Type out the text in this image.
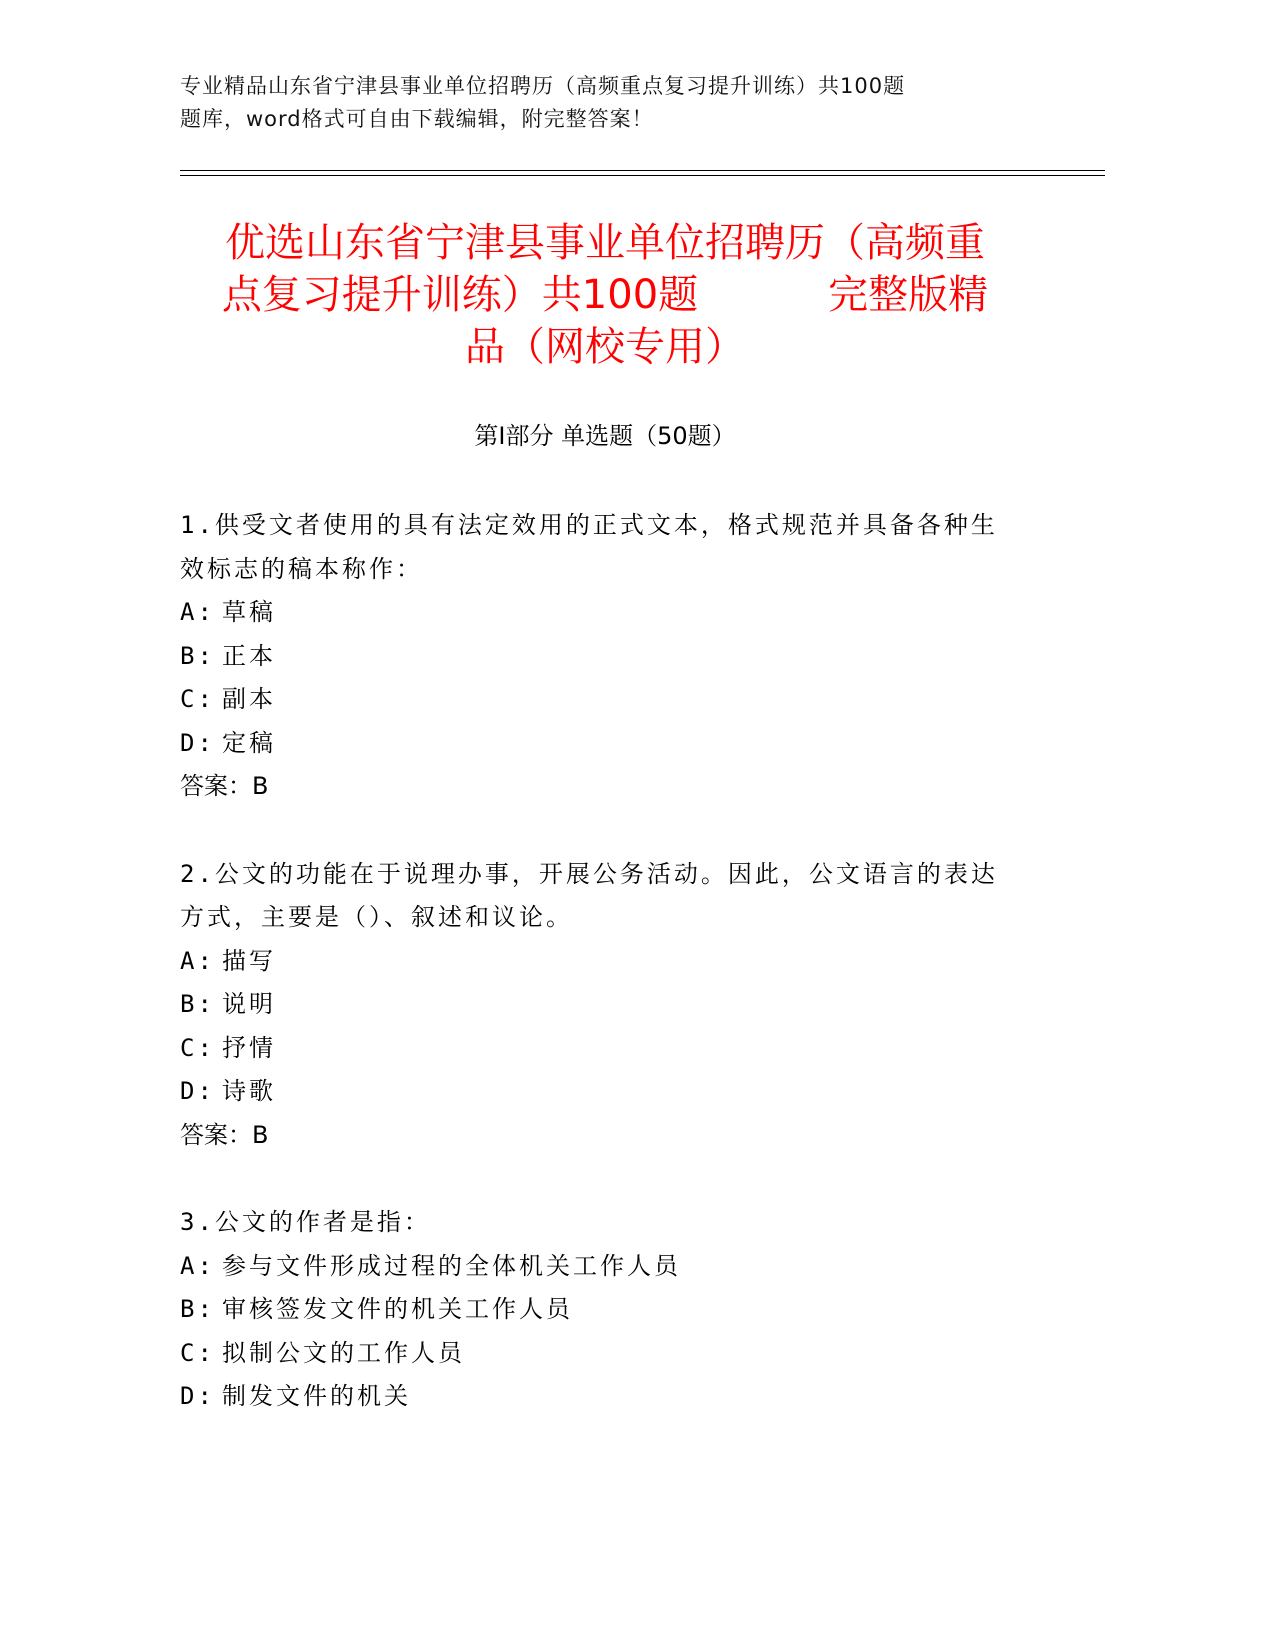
专业精品山东省宁津县事业单位招聘历（高频重点复习提升训练）共100题
题库，word格式可自由下载编辑，附完整答案！
优选山东省宁津县事业单位招聘历（高频重
点复习提升训练）共100题	完整版精
品（网校专用）
第I部分 单选题（50题）

1.供受文者使用的具有法定效用的正式文本，格式规范并具备各种生

效标志的稿本称作：

A: 草稿

B: 正本

C: 副本

D: 定稿

答案：B

2.公文的功能在于说理办事，开展公务活动。因此，公文语言的表达

方式，主要是（）、叙述和议论。

A: 描写

B: 说明

C: 抒情

D: 诗歌

答案：B

3.公文的作者是指：

A: 参与文件形成过程的全体机关工作人员

B: 审核签发文件的机关工作人员

C: 拟制公文的工作人员

D: 制发文件的机关
